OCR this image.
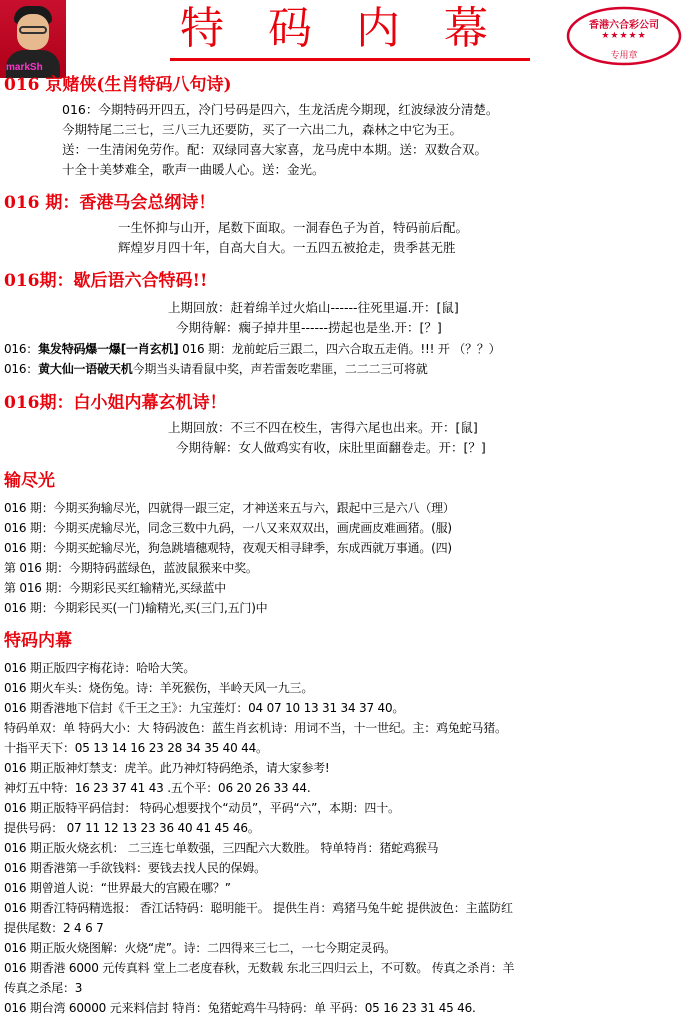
markSh
特码内幕	香港六合彩公司
★★★★★
专用章
016 京赌侠(生肖特码八句诗)
016：今期特码开四五，冷门号码是四六，生龙活虎今期现，红波绿波分清楚。
今期特尾二三七，三八三九还要防，买了一六出二九，森林之中它为王。
送：一生清闲免劳作。配：双绿同喜大家喜，龙马虎中本期。送：双数合双。
十全十美梦难全，歌声一曲暖人心。送：金光。
016 期：香港马会总纲诗！
一生怀抑与山开，尾数下面取。一洞春色子为首，特码前后配。
辉煌岁月四十年，自高大自大。一五四五被抢走，贵季甚无胜
016期：歇后语六合特码!!
上期回放：赶着绵羊过火焰山------往死里逼.开：[鼠]
今期待解：瘸子掉井里------捞起也是坐.开：[？]
016：集发特码爆一爆[一肖玄机] 016 期：龙前蛇后三跟二，四六合取五走俏。!!! 开 （？？）
016：黄大仙一语破天机今期当头请看鼠中奖，声若雷轰吃辈匪，二二二三可将就
016期：白小姐内幕玄机诗！
上期回放：不三不四在校生，害得六尾也出来。开：[鼠]
今期待解：女人做鸡实有收，床肚里面翻卷走。开：[？]
输尽光
016 期：今期买狗输尽光，四就得一跟三定，才神送来五与六，跟起中三是六八（理）
016 期：今期买虎输尽光，同念三数中九码，一八又来双双出，画虎画皮难画猪。(服)
016 期：今期买蛇输尽光，狗急跳墙穗观特，夜观天相寻肆季，东成西就万事通。(四)
第 016 期：今期特码蓝绿色，蓝波鼠猴来中奖。
第 016 期：今期彩民买红输精光,买绿蓝中
016 期：今期彩民买(一门)输精光,买(三门,五门)中
特码内幕
016 期正版四字梅花诗：哈哈大笑。
016 期火车头：烧伤兔。诗：羊死猴伤，半岭天风一九三。
016 期香港地下信封《千王之王》：九宝莲灯：04 07 10 13 31 34 37 40。
特码单双：单 特码大小：大 特码波色：蓝生肖玄机诗：用词不当，十一世纪。主：鸡兔蛇马猪。
十指平天下：05 13 14 16 23 28 34 35 40 44。
016 期正版神灯禁支：虎羊。此乃神灯特码绝杀，请大家参考!
神灯五中特：16 23 37 41 43 .五个平：06 20 26 33 44.
016 期正版特平码信封： 特码心想要找个“动员”，平码“六”，本期：四十。
提供号码： 07 11 12 13 23 36 40 41 45 46。
016 期正版火烧玄机： 二三连七单数强，三四配六大数胜。 特单特肖：猪蛇鸡猴马
016 期香港第一手欲钱料：要钱去找人民的保姆。
016 期曾道人说：“世界最大的宫殿在哪？”
016 期香江特码精选报： 香江话特码：聪明能干。 提供生肖：鸡猪马兔牛蛇 提供波色：主蓝防红
提供尾数：2 4 6 7
016 期正版火烧图解：火烧“虎”。诗：二四得来三七二，一七今期定灵码。
016 期香港 6000 元传真料 堂上二老度春秋，无数载 东北三四归云上，不可数。 传真之杀肖：羊
传真之杀尾：3
016 期台湾 60000 元来料信封 特肖：兔猪蛇鸡牛马特码：单 平码：05 16 23 31 45 46.
